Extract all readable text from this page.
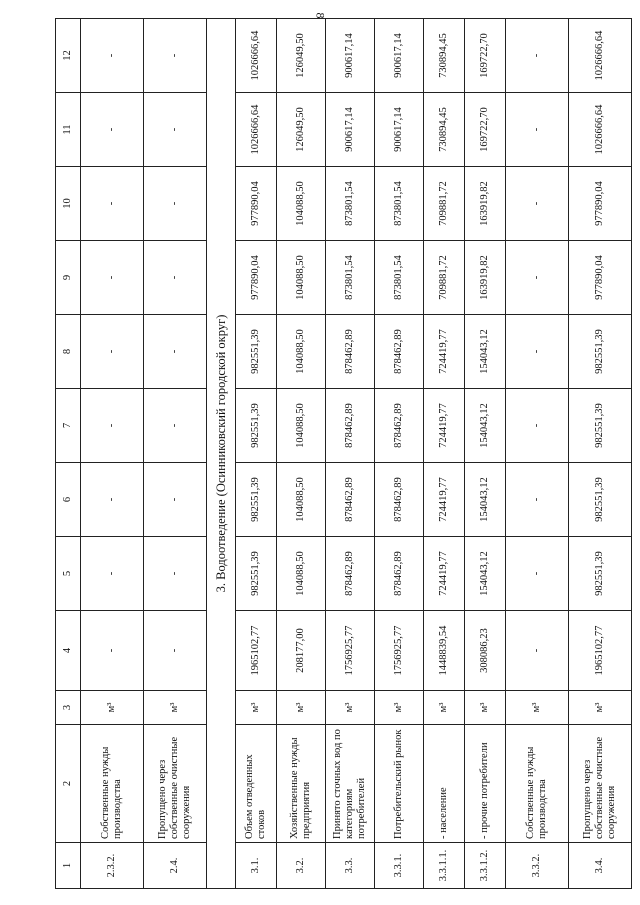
8
1	2	3	4	5	6	7	8	9	10	11	12
2.3.2.	Собственные нужды производства	м³	-	-	-	-	-	-	-	-	-
2.4.	Пропущено через собственные очистные сооружения	м³	-	-	-	-	-	-	-	-	-
3. Водоотведение (Осинниковский городской округ)											
3.1.	Объем отведенных стоков	м³	1965102,77	982551,39	982551,39	982551,39	982551,39	977890,04	977890,04	1026666,64	1026666,64
3.2.	Хозяйственные нужды предприятия	м³	208177,00	104088,50	104088,50	104088,50	104088,50	104088,50	104088,50	126049,50	126049,50
3.3.	Принято сточных вод по категориям потребителей	м³	1756925,77	878462,89	878462,89	878462,89	878462,89	873801,54	873801,54	900617,14	900617,14
3.3.1.	Потребительский рынок	м³	1756925,77	878462,89	878462,89	878462,89	878462,89	873801,54	873801,54	900617,14	900617,14
3.3.1.1.	- население	м³	1448839,54	724419,77	724419,77	724419,77	724419,77	709881,72	709881,72	730894,45	730894,45
3.3.1.2.	- прочие потребители	м³	308086,23	154043,12	154043,12	154043,12	154043,12	163919,82	163919,82	169722,70	169722,70
3.3.2.	Собственные нужды производства	м³	-	-	-	-	-	-	-	-	-
3.4.	Пропущено через собственные очистные сооружения	м³	1965102,77	982551,39	982551,39	982551,39	982551,39	977890,04	977890,04	1026666,64	1026666,64
